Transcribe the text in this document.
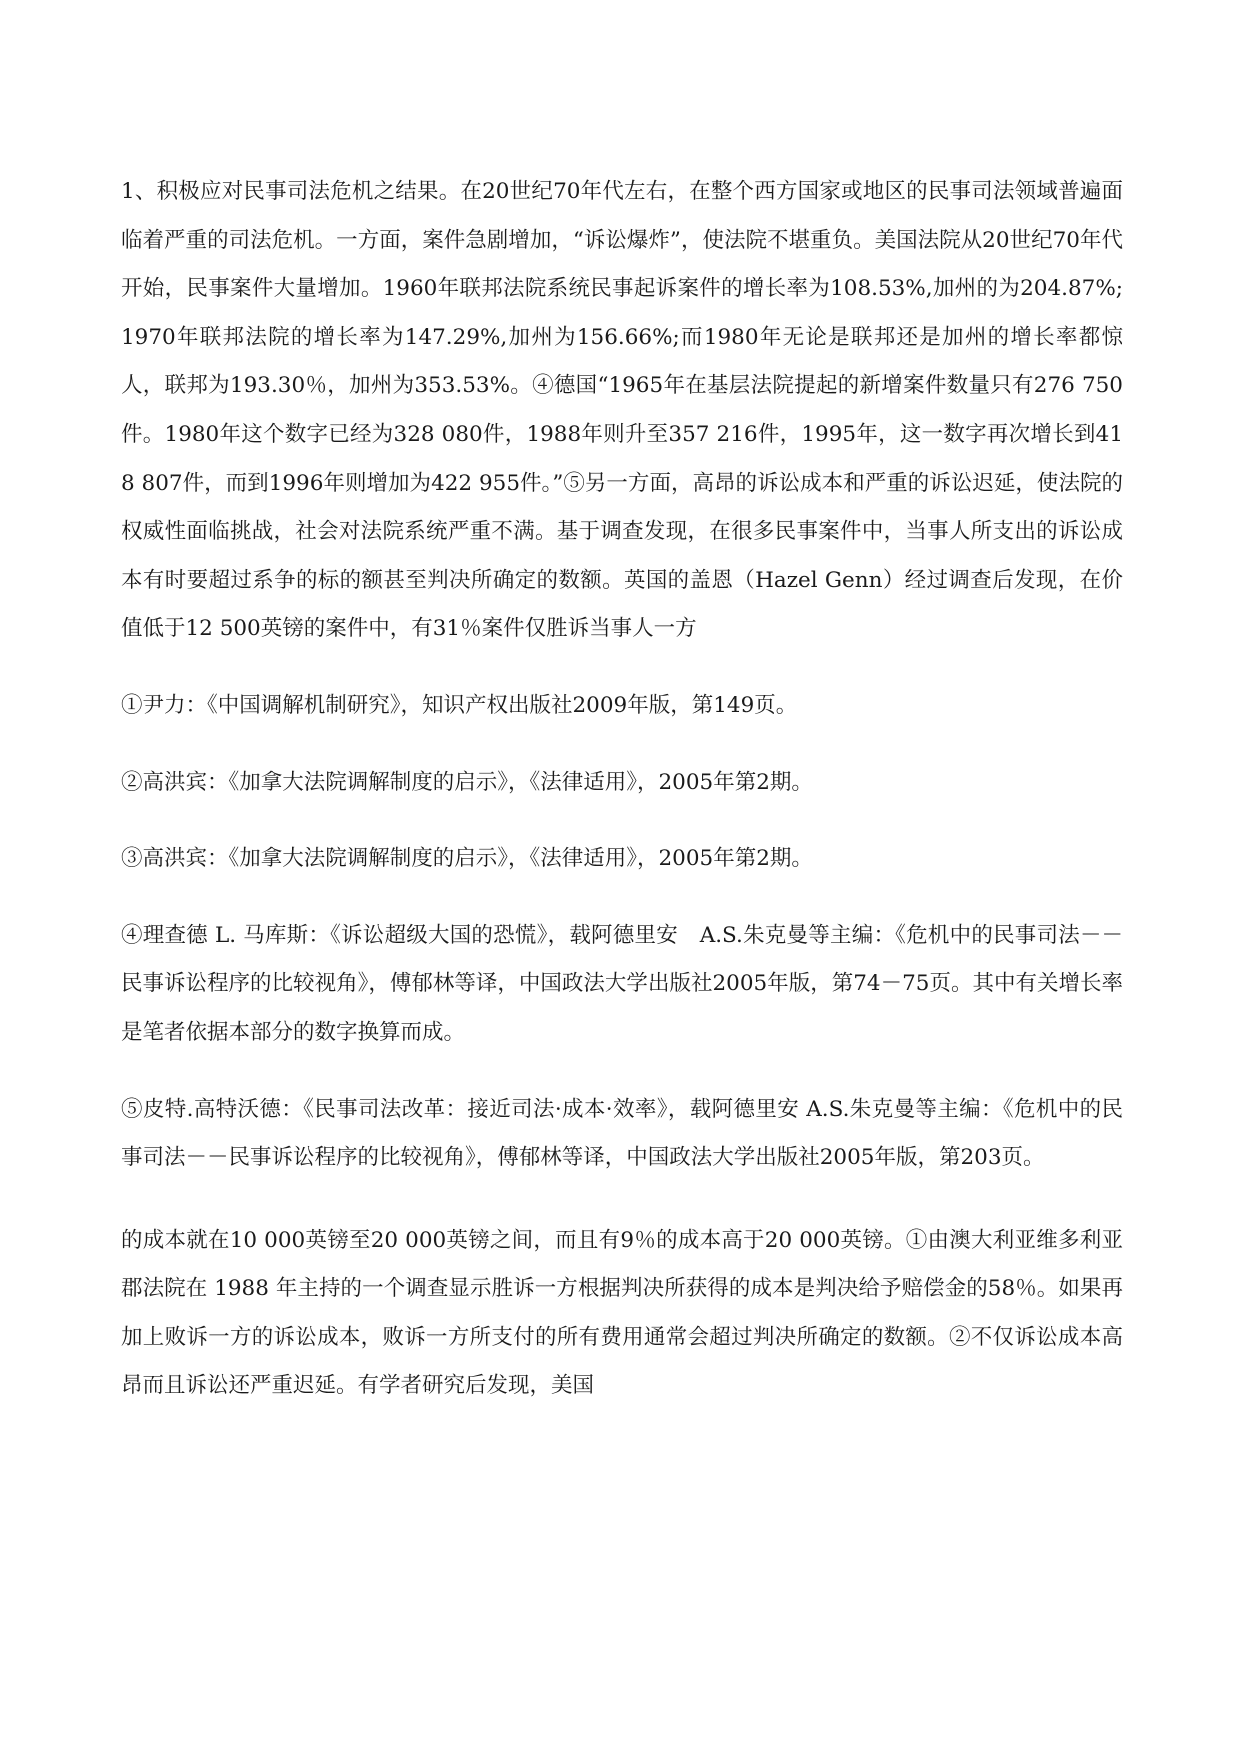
1、积极应对民事司法危机之结果。在20世纪70年代左右，在整个西方国家或地区的民事司法领域普遍面临着严重的司法危机。一方面，案件急剧增加，“诉讼爆炸”，使法院不堪重负。美国法院从20世纪70年代开始，民事案件大量增加。1960年联邦法院系统民事起诉案件的增长率为108.53%,加州的为204.87%;1970年联邦法院的增长率为147.29%,加州为156.66%;而1980年无论是联邦还是加州的增长率都惊人，联邦为193.30％，加州为353.53%。④德国“1965年在基层法院提起的新增案件数量只有276 750件。1980年这个数字已经为328 080件，1988年则升至357 216件，1995年，这一数字再次增长到418 807件，而到1996年则增加为422 955件。”⑤另一方面，高昂的诉讼成本和严重的诉讼迟延，使法院的权威性面临挑战，社会对法院系统严重不满。基于调查发现，在很多民事案件中，当事人所支出的诉讼成本有时要超过系争的标的额甚至判决所确定的数额。英国的盖恩（Hazel Genn）经过调查后发现，在价值低于12 500英镑的案件中，有31％案件仅胜诉当事人一方

①尹力：《中国调解机制研究》，知识产权出版社2009年版，第149页。

②高洪宾：《加拿大法院调解制度的启示》，《法律适用》，2005年第2期。

③高洪宾：《加拿大法院调解制度的启示》，《法律适用》，2005年第2期。

④理查德 L. 马库斯：《诉讼超级大国的恐慌》，载阿德里安　A.S.朱克曼等主编：《危机中的民事司法－－民事诉讼程序的比较视角》，傅郁林等译，中国政法大学出版社2005年版，第74－75页。其中有关增长率是笔者依据本部分的数字换算而成。

⑤皮特.高特沃德：《民事司法改革：接近司法·成本·效率》，载阿德里安 A.S.朱克曼等主编：《危机中的民事司法－－民事诉讼程序的比较视角》，傅郁林等译，中国政法大学出版社2005年版，第203页。

的成本就在10 000英镑至20 000英镑之间，而且有9％的成本高于20 000英镑。①由澳大利亚维多利亚郡法院在 1988 年主持的一个调查显示胜诉一方根据判决所获得的成本是判决给予赔偿金的58％。如果再加上败诉一方的诉讼成本，败诉一方所支付的所有费用通常会超过判决所确定的数额。②不仅诉讼成本高昂而且诉讼还严重迟延。有学者研究后发现，美国
